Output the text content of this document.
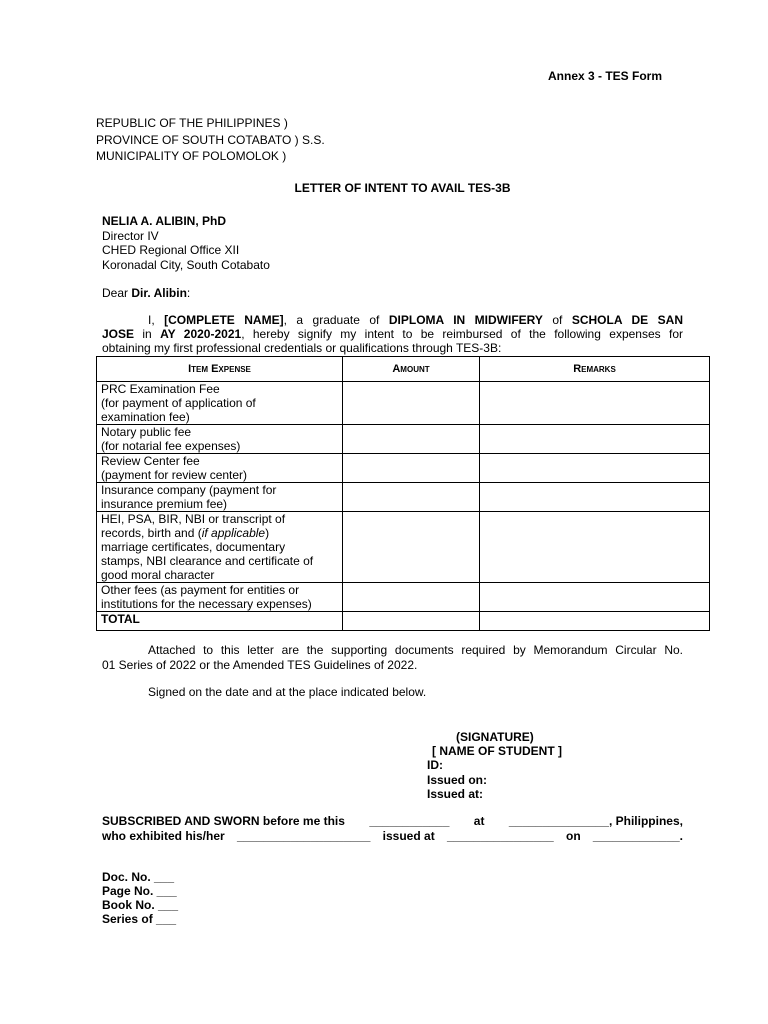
Annex 3 - TES Form
REPUBLIC OF THE PHILIPPINES )
PROVINCE OF SOUTH COTABATO ) S.S.
MUNICIPALITY OF POLOMOLOK )
LETTER OF INTENT TO AVAIL TES-3B
NELIA A. ALIBIN, PhD
Director IV
CHED Regional Office XII
Koronadal City, South Cotabato
Dear Dir. Alibin:
I, [COMPLETE NAME], a graduate of DIPLOMA IN MIDWIFERY of SCHOLA DE SAN
JOSE in AY 2020-2021, hereby signify my intent to be reimbursed of the following expenses for
obtaining my first professional credentials or qualifications through TES-3B:
Item Expense	Amount	Remarks

PRC Examination Fee
(for payment of application of
examination fee)		

Notary public fee
(for notarial fee expenses)		

Review Center fee
(payment for review center)		

Insurance company (payment for
insurance premium fee)		

HEI, PSA, BIR, NBI or transcript of
records, birth and (if applicable)
marriage certificates, documentary
stamps, NBI clearance and certificate of
good moral character		

Other fees (as payment for entities or
institutions for the necessary expenses)		

TOTAL		
Attached to this letter are the supporting documents required by Memorandum Circular No.
01 Series of 2022 or the Amended TES Guidelines of 2022.
Signed on the date and at the place indicated below.
(SIGNATURE)
[ NAME OF STUDENT ]
ID:
Issued on:
Issued at:
SUBSCRIBED AND SWORN before me this ____________ at _______________, Philippines,
who exhibited his/her ____________________ issued at ________________ on _____________.
Doc. No. ___
Page No. ___
Book No. ___
Series of ___
